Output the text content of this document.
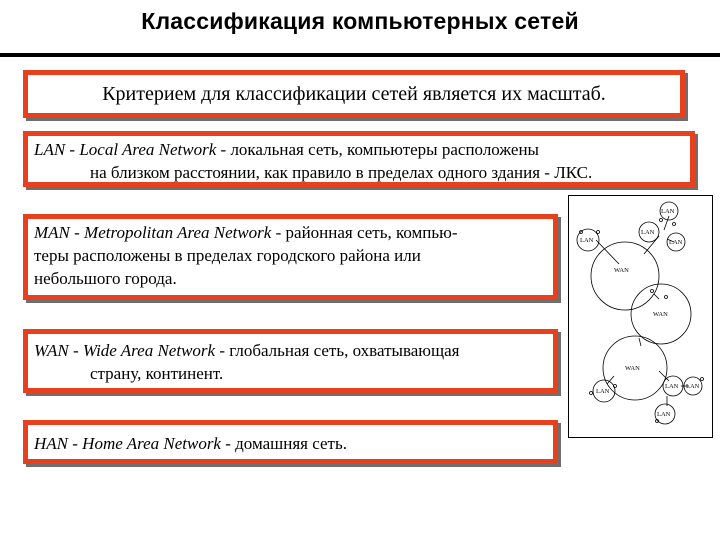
Классификация компьютерных сетей
Критерием для классификации сетей является их масштаб.
LAN - Local Area Network - локальная сеть, компьютеры расположены
на близком расстоянии, как правило в пределах одного здания - ЛКС.
MAN - Metropolitan Area Network - районная сеть, компью-
теры расположены в пределах городского района или
небольшого города.
WAN - Wide Area Network - глобальная сеть, охватывающая
страну, континент.
HAN - Home Area Network - домашняя сеть.
LAN
LAN
LAN
LAN
WAN
WAN
WAN
LAN
LAN LAN
LAN
